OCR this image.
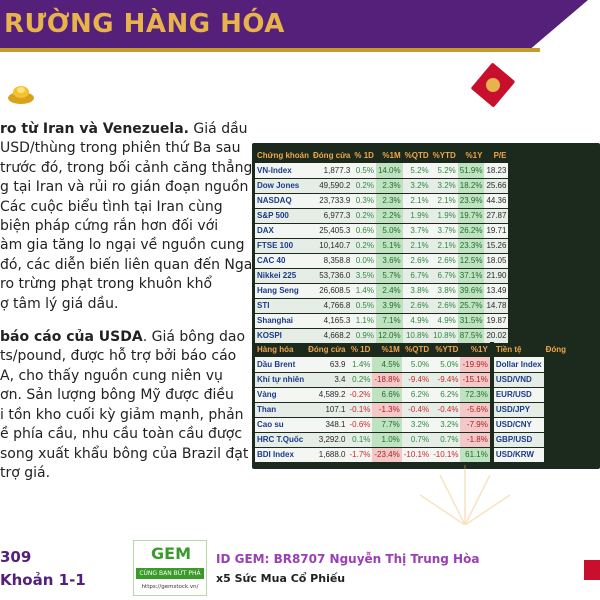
RƯỜNG HÀNG HÓA

ro từ Iran và Venezuela. Giá dầu

USD/thùng trong phiên thứ Ba sau

trước đó, trong bối cảnh căng thẳng

g tại Iran và rủi ro gián đoạn nguồn

Các cuộc biểu tình tại Iran cùng

biện pháp cứng rắn hơn đối với

àm gia tăng lo ngại về nguồn cung

đó, các diễn biến liên quan đến Nga

ro trừng phạt trong khuôn khổ

ợ tâm lý giá dầu.

báo cáo của USDA. Giá bông dao

ts/pound, được hỗ trợ bởi báo cáo

A, cho thấy nguồn cung niên vụ

ơn. Sản lượng bông Mỹ được điều

i tồn kho cuối kỳ giảm mạnh, phản

ề phía cầu, nhu cầu toàn cầu được

song xuất khẩu bông của Brazil đạt

trợ giá.

Chứng khoán	Đóng cửa	% 1D	%1M	%QTD	%YTD	%1Y	P/E
VN-Index	1,877.3	0.5%	14.0%	5.2%	5.2%	51.9%	18.23
Dow Jones	49,590.2	0.2%	2.3%	3.2%	3.2%	18.2%	25.66
NASDAQ	23,733.9	0.3%	2.3%	2.1%	2.1%	23.9%	44.36
S&P 500	6,977.3	0.2%	2.2%	1.9%	1.9%	19.7%	27.87
DAX	25,405.3	0.6%	5.0%	3.7%	3.7%	26.2%	19.71
FTSE 100	10,140.7	0.2%	5.1%	2.1%	2.1%	23.3%	15.26
CAC 40	8,358.8	0.0%	3.6%	2.6%	2.6%	12.5%	18.05
Nikkei 225	53,736.0	3.5%	5.7%	6.7%	6.7%	37.1%	21.90
Hang Seng	26,608.5	1.4%	2.4%	3.8%	3.8%	39.6%	13.49
STI	4,766.8	0.5%	3.9%	2.6%	2.6%	25.7%	14.78
Shanghai	4,165.3	1.1%	7.1%	4.9%	4.9%	31.5%	19.87
KOSPI	4,668.2	0.9%	12.0%	10.8%	10.8%	87.5%	20.02
Hàng hóa	Đóng cửa	% 1D	%1M	%QTD	%YTD	%1Y		Tiền tệ	Đóng
Dầu Brent	63.9	1.4%	4.5%	5.0%	5.0%	-19.9%		Dollar Index	
Khí tự nhiên	3.4	0.2%	-18.8%	-9.4%	-9.4%	-15.1%		USD/VND	
Vàng	4,589.2	-0.2%	6.6%	6.2%	6.2%	72.3%		EUR/USD	
Than	107.1	-0.1%	-1.3%	-0.4%	-0.4%	-5.6%		USD/JPY	
Cao su	348.1	-0.6%	7.7%	3.2%	3.2%	-7.9%		USD/CNY	
HRC T.Quốc	3,292.0	0.1%	1.0%	0.7%	0.7%	-1.8%		GBP/USD	
BDI Index	1,688.0	-1.7%	-23.4%	-10.1%	-10.1%	61.1%		USD/KRW	
309
Khoản 1-1
GEM
CÙNG BẠN BỨT PHÁ
https://gemstock.vn/
ID GEM: BR8707 Nguyễn Thị Trung Hòa
x5 Sức Mua Cổ Phiếu
